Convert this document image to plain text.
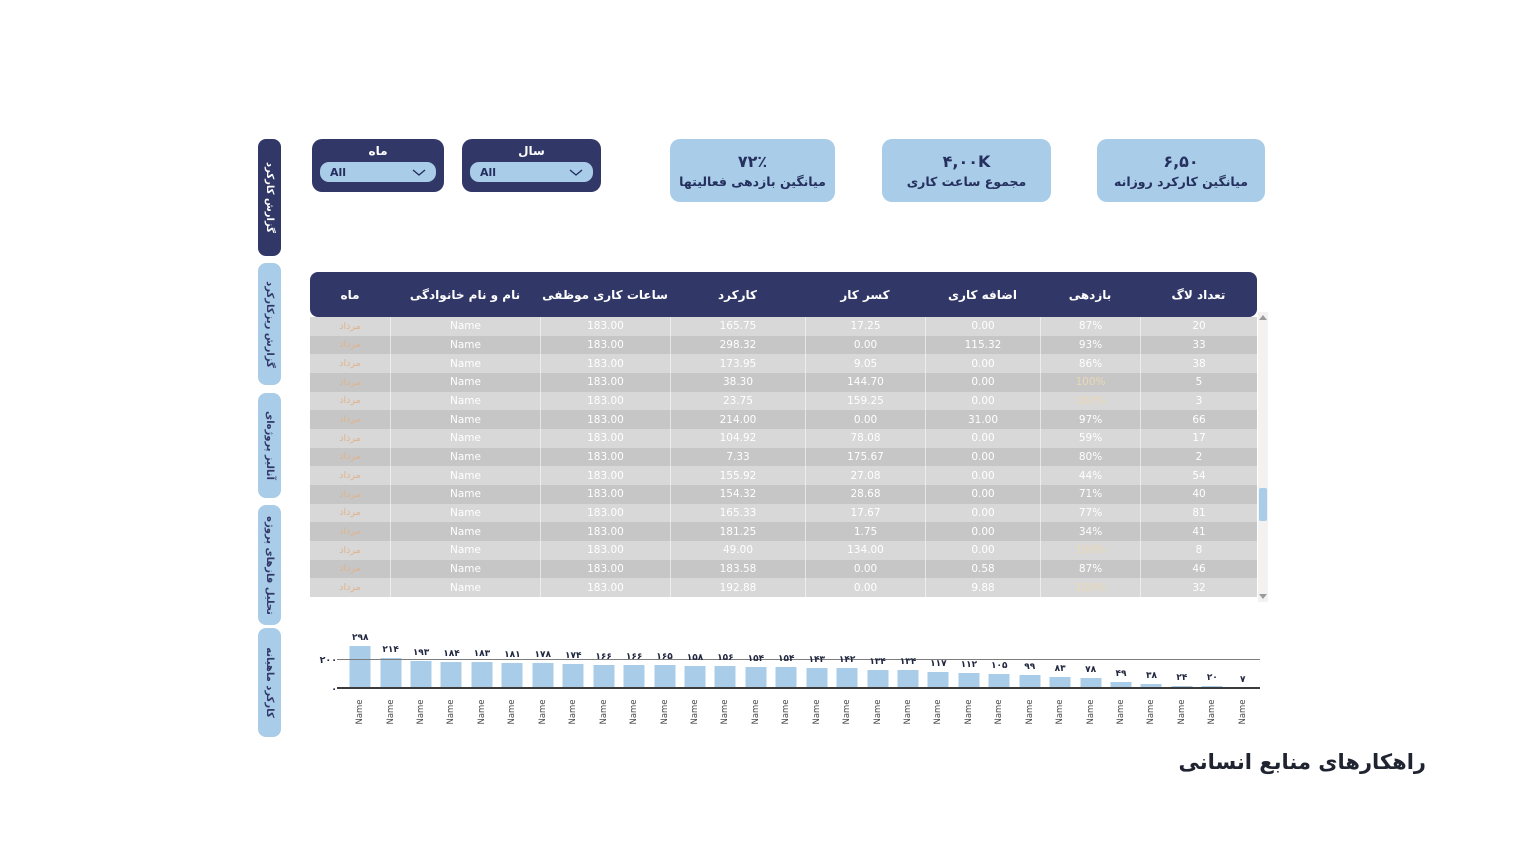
گزارش کارکرد
گزارش ریزکارکرد
آنالیز پروژه‌ای
تحلیل فازهای پروژه
کارکرد ماهیانه
ماه
All
سال
All
۷۲٪
میانگین بازدهی فعالیتها
۴,۰۰K
مجموع ساعت کاری
۶,۵۰
میانگین کارکرد روزانه
ماه	نام و نام خانوادگی	ساعات کاری موظفی	کارکرد	کسر کار	اضافه کاری	بازدهی	تعداد لاگ
مرداد	Name	183.00	165.75	17.25	0.00	87%	20
مرداد	Name	183.00	298.32	0.00	115.32	93%	33
مرداد	Name	183.00	173.95	9.05	0.00	86%	38
مرداد	Name	183.00	38.30	144.70	0.00	100%	5
مرداد	Name	183.00	23.75	159.25	0.00	100%	3
مرداد	Name	183.00	214.00	0.00	31.00	97%	66
مرداد	Name	183.00	104.92	78.08	0.00	59%	17
مرداد	Name	183.00	7.33	175.67	0.00	80%	2
مرداد	Name	183.00	155.92	27.08	0.00	44%	54
مرداد	Name	183.00	154.32	28.68	0.00	71%	40
مرداد	Name	183.00	165.33	17.67	0.00	77%	81
مرداد	Name	183.00	181.25	1.75	0.00	34%	41
مرداد	Name	183.00	49.00	134.00	0.00	100%	8
مرداد	Name	183.00	183.58	0.00	0.58	87%	46
مرداد	Name	183.00	192.88	0.00	9.88	100%	32
۲۰۰
۰
۲۹۸
Name
۲۱۴
Name
۱۹۳
Name
۱۸۴
Name
۱۸۳
Name
۱۸۱
Name
۱۷۸
Name
۱۷۴
Name
۱۶۶
Name
۱۶۶
Name
۱۶۵
Name
۱۵۸
Name
۱۵۶
Name
۱۵۴
Name
۱۵۴
Name
۱۴۳
Name
۱۴۲
Name
۱۳۴
Name
۱۳۴
Name
۱۱۷
Name
۱۱۲
Name
۱۰۵
Name
۹۹
Name
۸۳
Name
۷۸
Name
۴۹
Name
۳۸
Name
۲۴
Name
۲۰
Name
۷
Name
راهکارهای منابع انسانی
